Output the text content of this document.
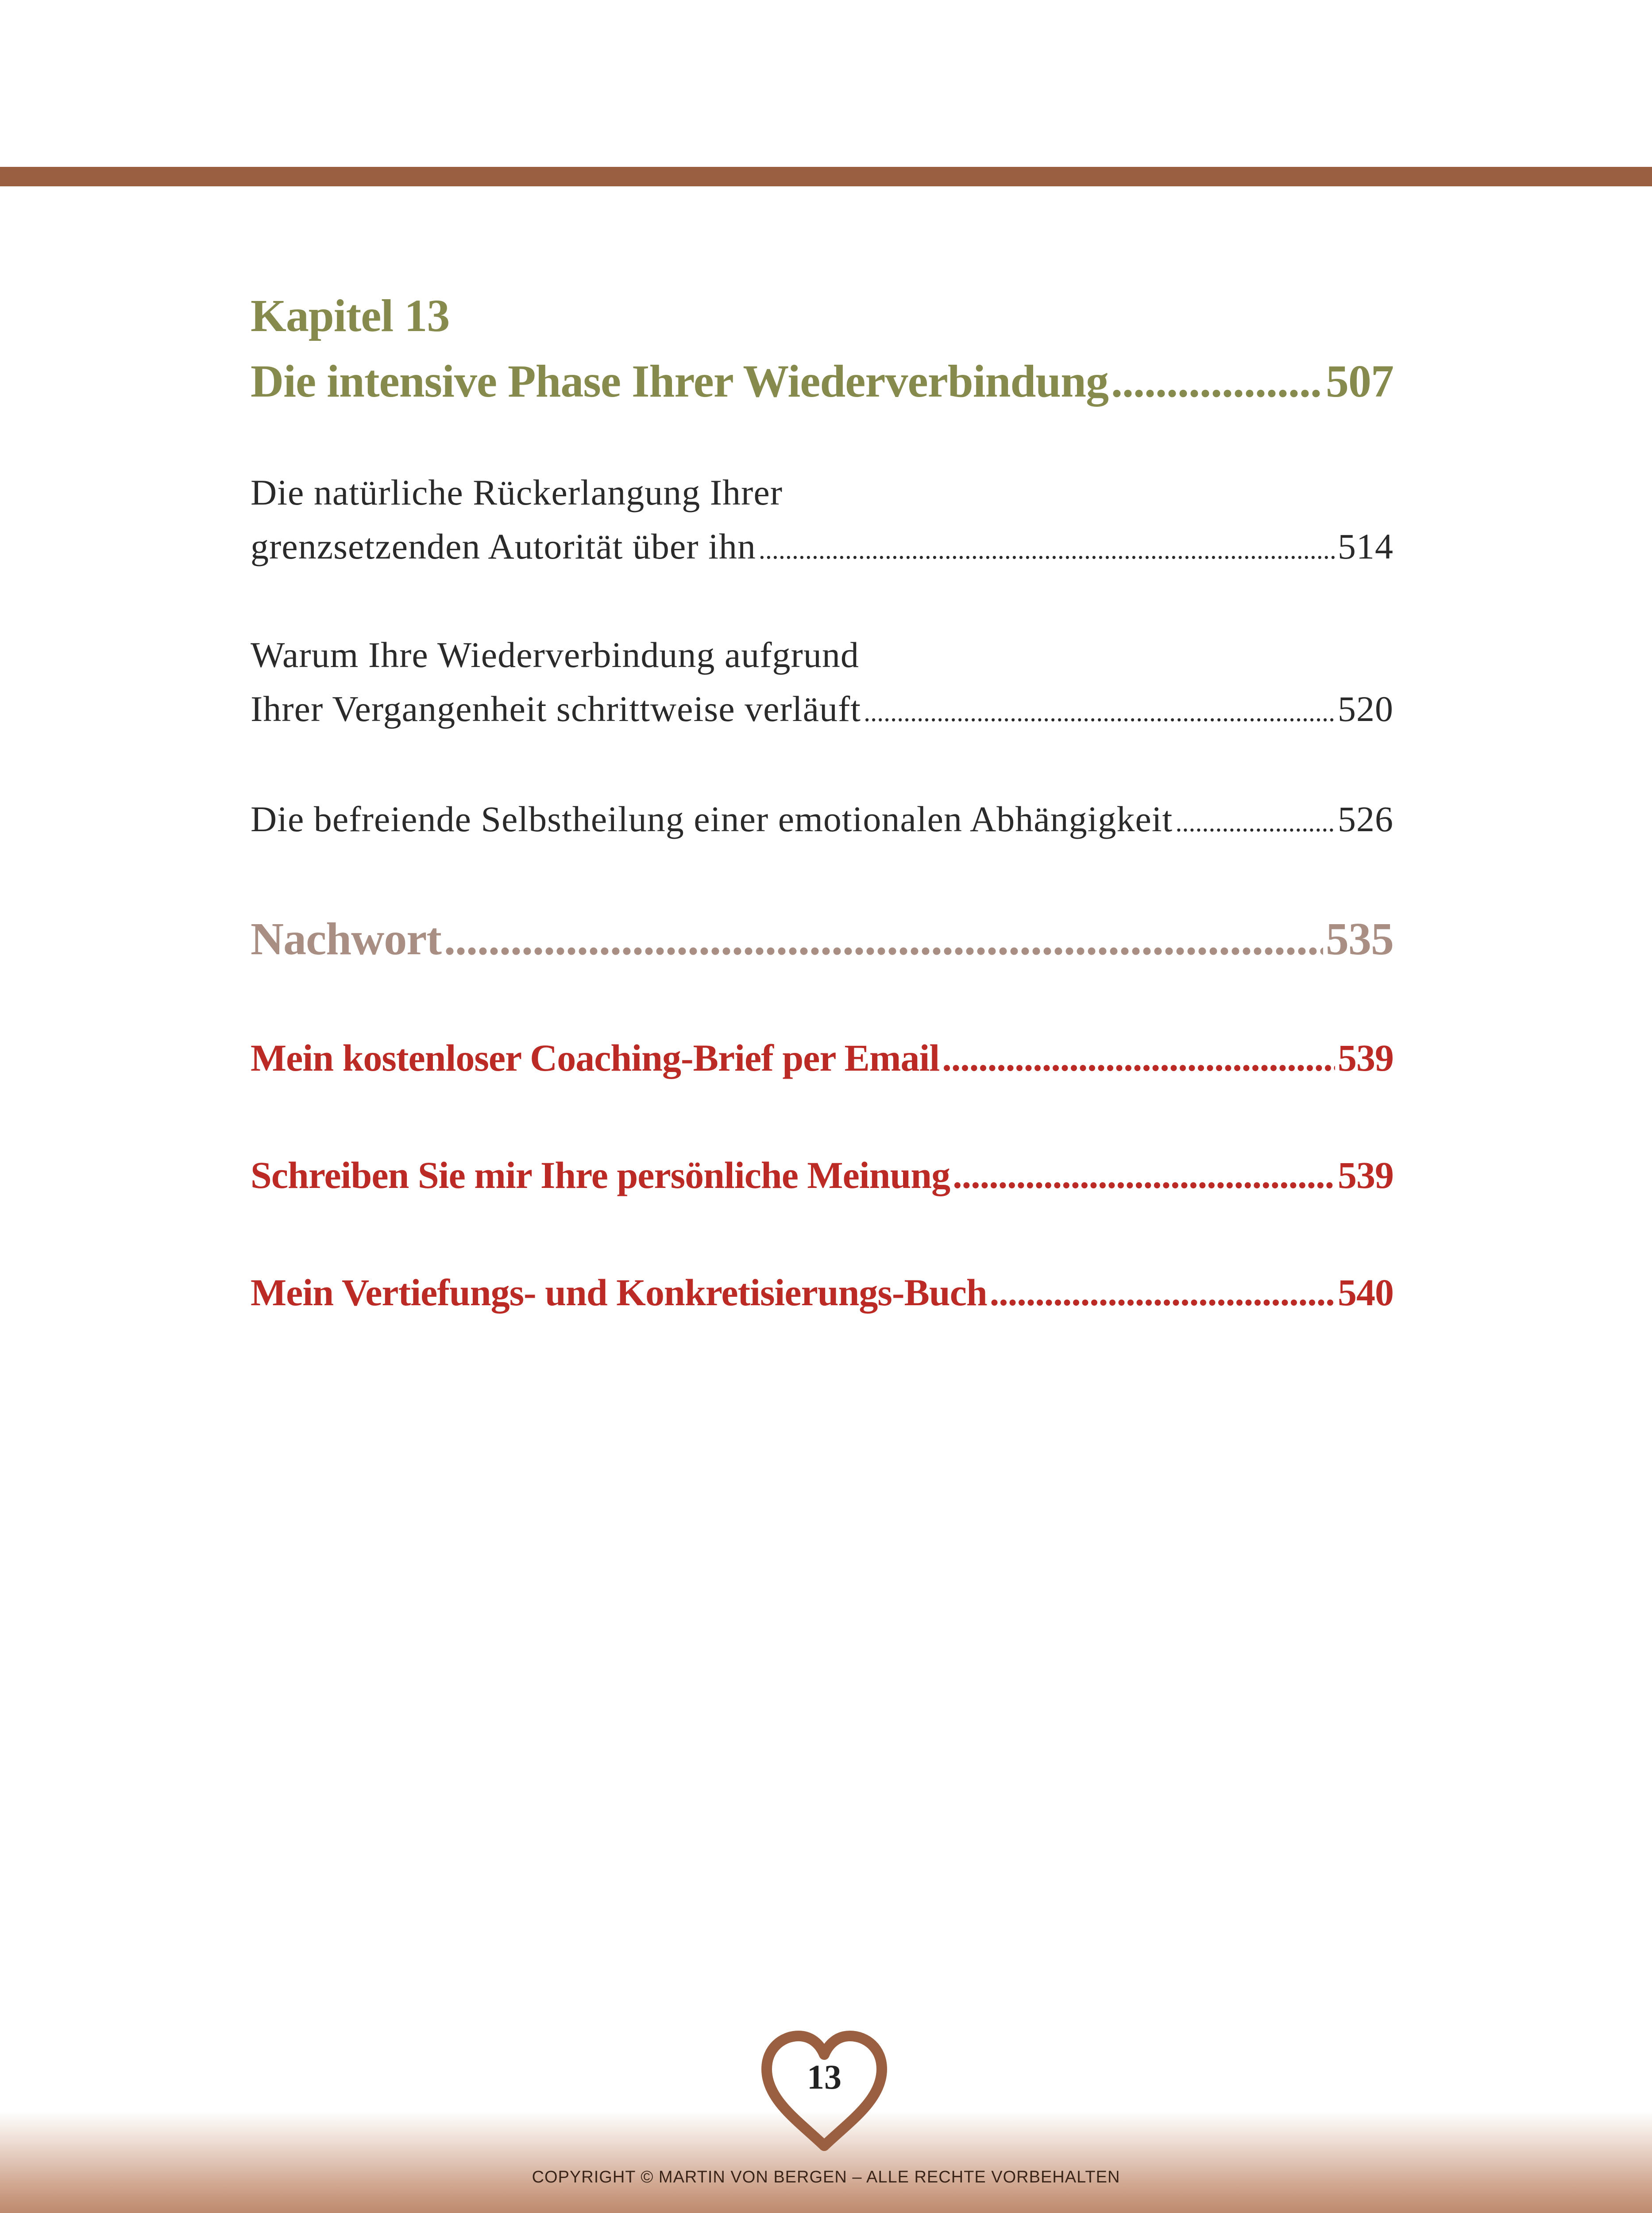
Kapitel 13
Die intensive Phase Ihrer Wiederverbindung .....	507
Die natürliche Rückerlangung Ihrer
grenzsetzenden Autorität über ihn .....	514
Warum Ihre Wiederverbindung aufgrund
Ihrer Vergangenheit schrittweise verläuft .....	520
Die befreiende Selbstheilung einer emotionalen Abhängigkeit .....	526
Nachwort .....	535
Mein kostenloser Coaching-Brief per Email .....	539
Schreiben Sie mir Ihre persönliche Meinung .....	539
Mein Vertiefungs- und Konkretisierungs-Buch .....	540
13
COPYRIGHT © MARTIN VON BERGEN – ALLE RECHTE VORBEHALTEN
